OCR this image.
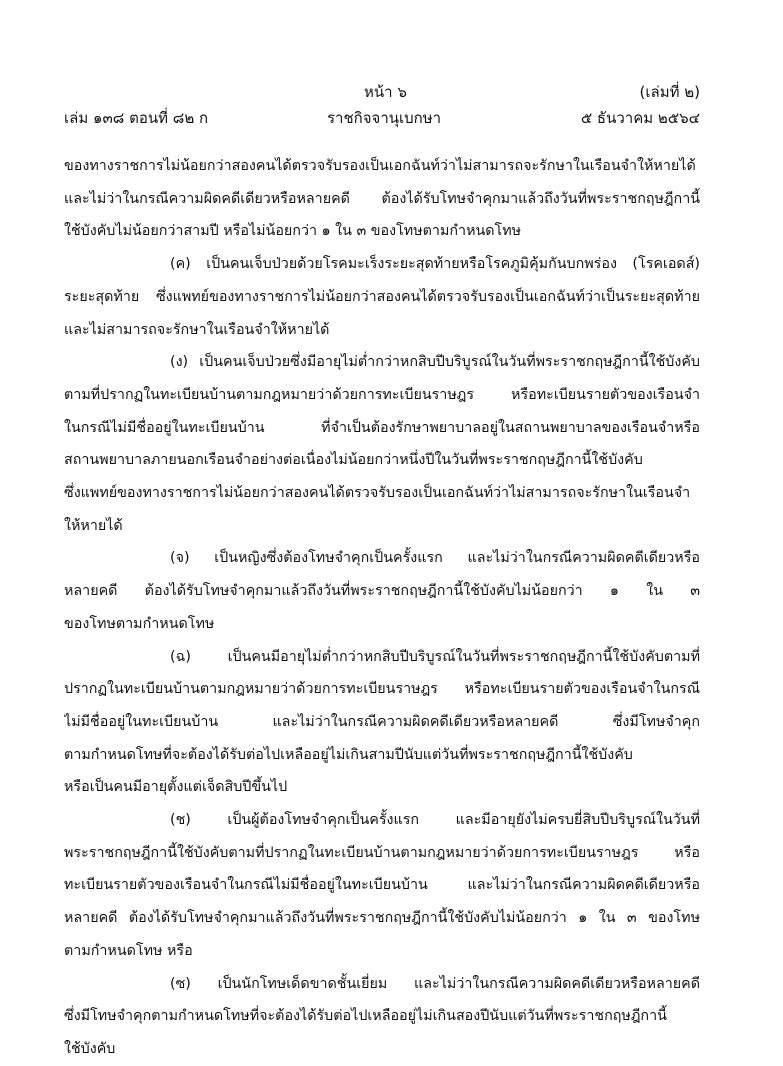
หน้า ๖	(เล่มที่ ๒)
เล่ม ๑๓๘ ตอนที่ ๘๒ ก	ราชกิจจานุเบกษา	๕ ธันวาคม ๒๕๖๔
ของทางราชการไม่น้อยกว่าสองคนได้ตรวจรับรองเป็นเอกฉันท์ว่าไม่สามารถจะรักษาในเรือนจำให้หายได้
และไม่ว่าในกรณีความผิดคดีเดียวหรือหลายคดี ต้องได้รับโทษจำคุกมาแล้วถึงวันที่พระราชกฤษฎีกานี้
ใช้บังคับไม่น้อยกว่าสามปี หรือไม่น้อยกว่า ๑ ใน ๓ ของโทษตามกำหนดโทษ
(ค) เป็นคนเจ็บป่วยด้วยโรคมะเร็งระยะสุดท้ายหรือโรคภูมิคุ้มกันบกพร่อง (โรคเอดส์)
ระยะสุดท้าย ซึ่งแพทย์ของทางราชการไม่น้อยกว่าสองคนได้ตรวจรับรองเป็นเอกฉันท์ว่าเป็นระยะสุดท้าย
และไม่สามารถจะรักษาในเรือนจำให้หายได้
(ง) เป็นคนเจ็บป่วยซึ่งมีอายุไม่ต่ำกว่าหกสิบปีบริบูรณ์ในวันที่พระราชกฤษฎีกานี้ใช้บังคับ
ตามที่ปรากฏในทะเบียนบ้านตามกฎหมายว่าด้วยการทะเบียนราษฎร หรือทะเบียนรายตัวของเรือนจำ
ในกรณีไม่มีชื่ออยู่ในทะเบียนบ้าน ที่จำเป็นต้องรักษาพยาบาลอยู่ในสถานพยาบาลของเรือนจำหรือ
สถานพยาบาลภายนอกเรือนจำอย่างต่อเนื่องไม่น้อยกว่าหนึ่งปีในวันที่พระราชกฤษฎีกานี้ใช้บังคับ
ซึ่งแพทย์ของทางราชการไม่น้อยกว่าสองคนได้ตรวจรับรองเป็นเอกฉันท์ว่าไม่สามารถจะรักษาในเรือนจำ
ให้หายได้
(จ) เป็นหญิงซึ่งต้องโทษจำคุกเป็นครั้งแรก และไม่ว่าในกรณีความผิดคดีเดียวหรือ
หลายคดี ต้องได้รับโทษจำคุกมาแล้วถึงวันที่พระราชกฤษฎีกานี้ใช้บังคับไม่น้อยกว่า ๑ ใน ๓
ของโทษตามกำหนดโทษ
(ฉ) เป็นคนมีอายุไม่ต่ำกว่าหกสิบปีบริบูรณ์ในวันที่พระราชกฤษฎีกานี้ใช้บังคับตามที่
ปรากฏในทะเบียนบ้านตามกฎหมายว่าด้วยการทะเบียนราษฎร หรือทะเบียนรายตัวของเรือนจำในกรณี
ไม่มีชื่ออยู่ในทะเบียนบ้าน และไม่ว่าในกรณีความผิดคดีเดียวหรือหลายคดี ซึ่งมีโทษจำคุก
ตามกำหนดโทษที่จะต้องได้รับต่อไปเหลืออยู่ไม่เกินสามปีนับแต่วันที่พระราชกฤษฎีกานี้ใช้บังคับ
หรือเป็นคนมีอายุตั้งแต่เจ็ดสิบปีขึ้นไป
(ช) เป็นผู้ต้องโทษจำคุกเป็นครั้งแรก และมีอายุยังไม่ครบยี่สิบปีบริบูรณ์ในวันที่
พระราชกฤษฎีกานี้ใช้บังคับตามที่ปรากฏในทะเบียนบ้านตามกฎหมายว่าด้วยการทะเบียนราษฎร หรือ
ทะเบียนรายตัวของเรือนจำในกรณีไม่มีชื่ออยู่ในทะเบียนบ้าน และไม่ว่าในกรณีความผิดคดีเดียวหรือ
หลายคดี ต้องได้รับโทษจำคุกมาแล้วถึงวันที่พระราชกฤษฎีกานี้ใช้บังคับไม่น้อยกว่า ๑ ใน ๓ ของโทษ
ตามกำหนดโทษ หรือ
(ซ) เป็นนักโทษเด็ดขาดชั้นเยี่ยม และไม่ว่าในกรณีความผิดคดีเดียวหรือหลายคดี
ซึ่งมีโทษจำคุกตามกำหนดโทษที่จะต้องได้รับต่อไปเหลืออยู่ไม่เกินสองปีนับแต่วันที่พระราชกฤษฎีกานี้
ใช้บังคับ
